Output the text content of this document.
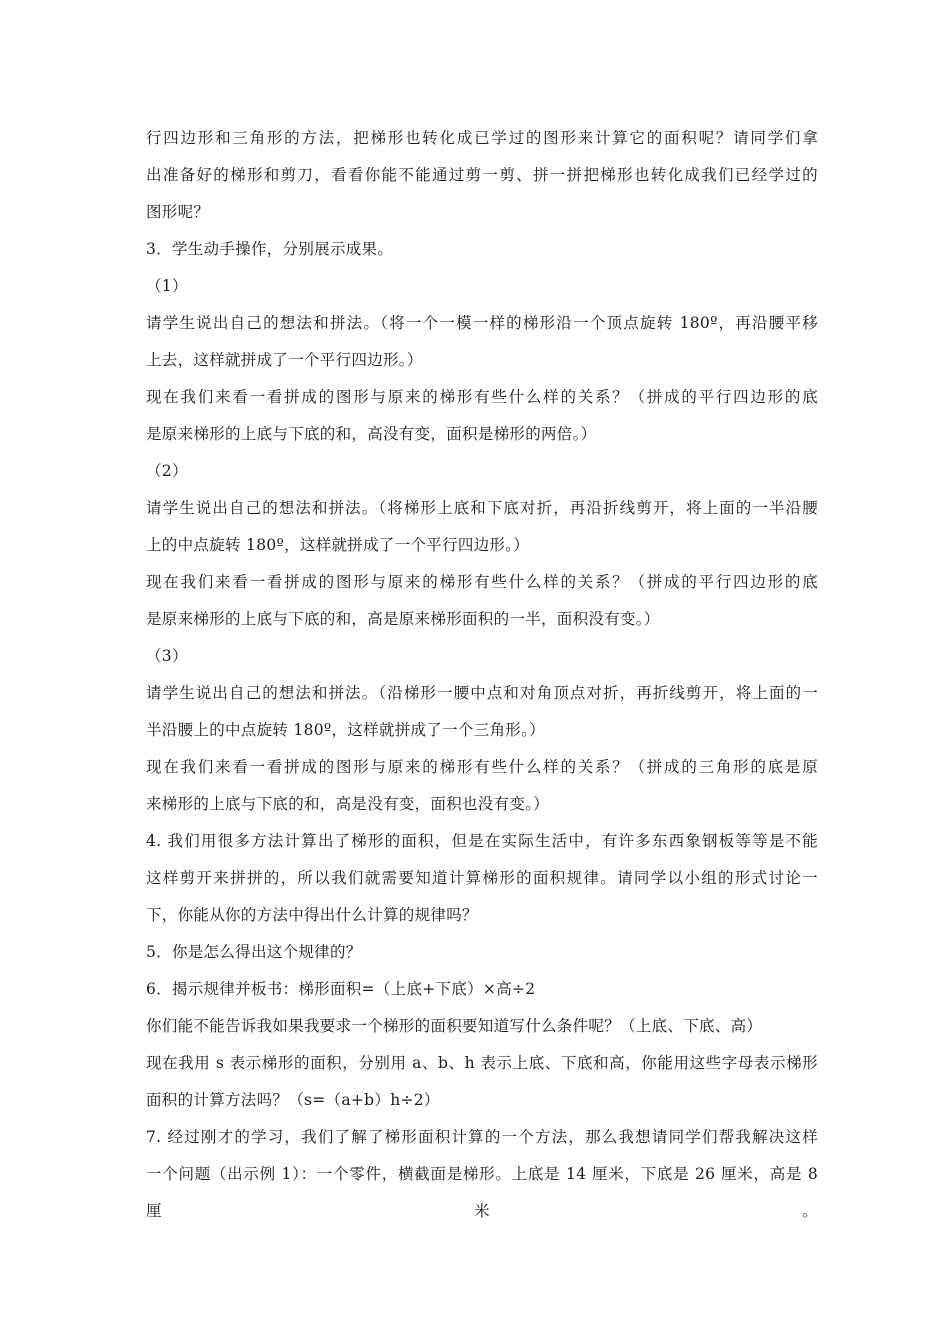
行四边形和三角形的方法，把梯形也转化成已学过的图形来计算它的面积呢？请同学们拿
出准备好的梯形和剪刀，看看你能不能通过剪一剪、拼一拼把梯形也转化成我们已经学过的
图形呢？
3．学生动手操作，分别展示成果。
（1）
请学生说出自己的想法和拼法。（将一个一模一样的梯形沿一个顶点旋转 180º，再沿腰平移
上去，这样就拼成了一个平行四边形。）
现在我们来看一看拼成的图形与原来的梯形有些什么样的关系？（拼成的平行四边形的底
是原来梯形的上底与下底的和，高没有变，面积是梯形的两倍。）
（2）
请学生说出自己的想法和拼法。（将梯形上底和下底对折，再沿折线剪开，将上面的一半沿腰
上的中点旋转 180º，这样就拼成了一个平行四边形。）
现在我们来看一看拼成的图形与原来的梯形有些什么样的关系？（拼成的平行四边形的底
是原来梯形的上底与下底的和，高是原来梯形面积的一半，面积没有变。）
（3）
请学生说出自己的想法和拼法。（沿梯形一腰中点和对角顶点对折，再折线剪开，将上面的一
半沿腰上的中点旋转 180º，这样就拼成了一个三角形。）
现在我们来看一看拼成的图形与原来的梯形有些什么样的关系？（拼成的三角形的底是原
来梯形的上底与下底的和，高是没有变，面积也没有变。）
4. 我们用很多方法计算出了梯形的面积，但是在实际生活中，有许多东西象钢板等等是不能
这样剪开来拼拼的，所以我们就需要知道计算梯形的面积规律。请同学以小组的形式讨论一
下，你能从你的方法中得出什么计算的规律吗？
5．你是怎么得出这个规律的？
6．揭示规律并板书：梯形面积=（上底+下底）×高÷2
你们能不能告诉我如果我要求一个梯形的面积要知道写什么条件呢？（上底、下底、高）
现在我用 s 表示梯形的面积，分别用 a、b、h 表示上底、下底和高，你能用这些字母表示梯形
面积的计算方法吗？（s=（a+b）h÷2）
7. 经过刚才的学习，我们了解了梯形面积计算的一个方法，那么我想请同学们帮我解决这样
一个问题（出示例 1）：一个零件，横截面是梯形。上底是 14 厘米，下底是 26 厘米，高是 8 厘米。
